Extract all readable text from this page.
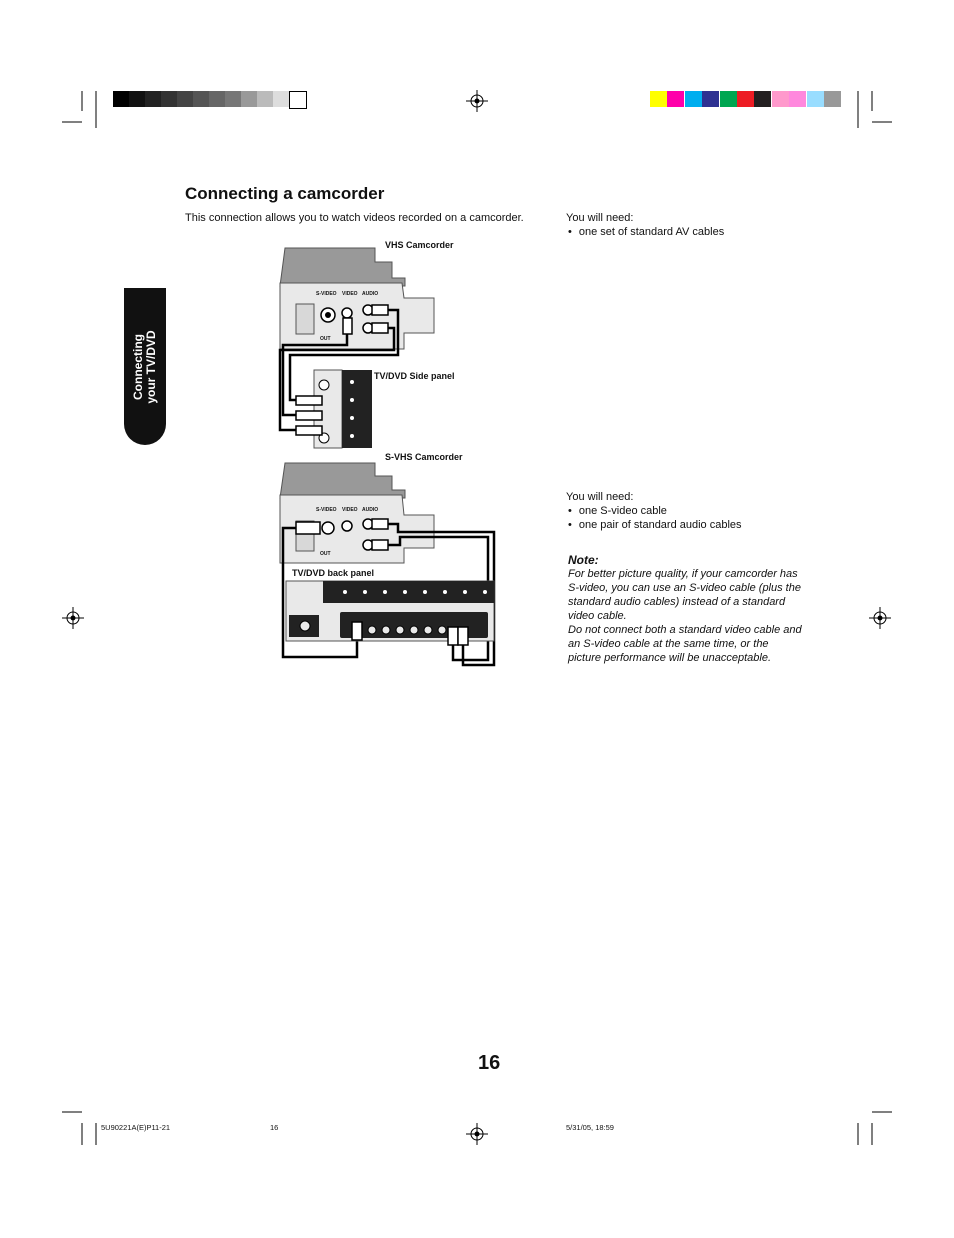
Connecting your TV/DVD
Connecting a camcorder
This connection allows you to watch videos recorded on a camcorder.	You will need:
• one set of standard AV cables
You will need:
• one S-video cable
• one pair of standard audio cables
Note:

For better picture quality, if your camcorder has S-video, you can use an S-video cable (plus the standard audio cables) instead of a standard video cable.

Do not connect both a standard video cable and an S-video cable at the same time, or the picture performance will be unacceptable.

VHS Camcorder
TV/DVD Side panel
S-VIDEO VIDEO AUDIO
OUT
S-VHS Camcorder
TV/DVD back panel
S-VIDEO VIDEO AUDIO
OUT
16
5U90221A(E)P11-21	16	5/31/05, 18:59
